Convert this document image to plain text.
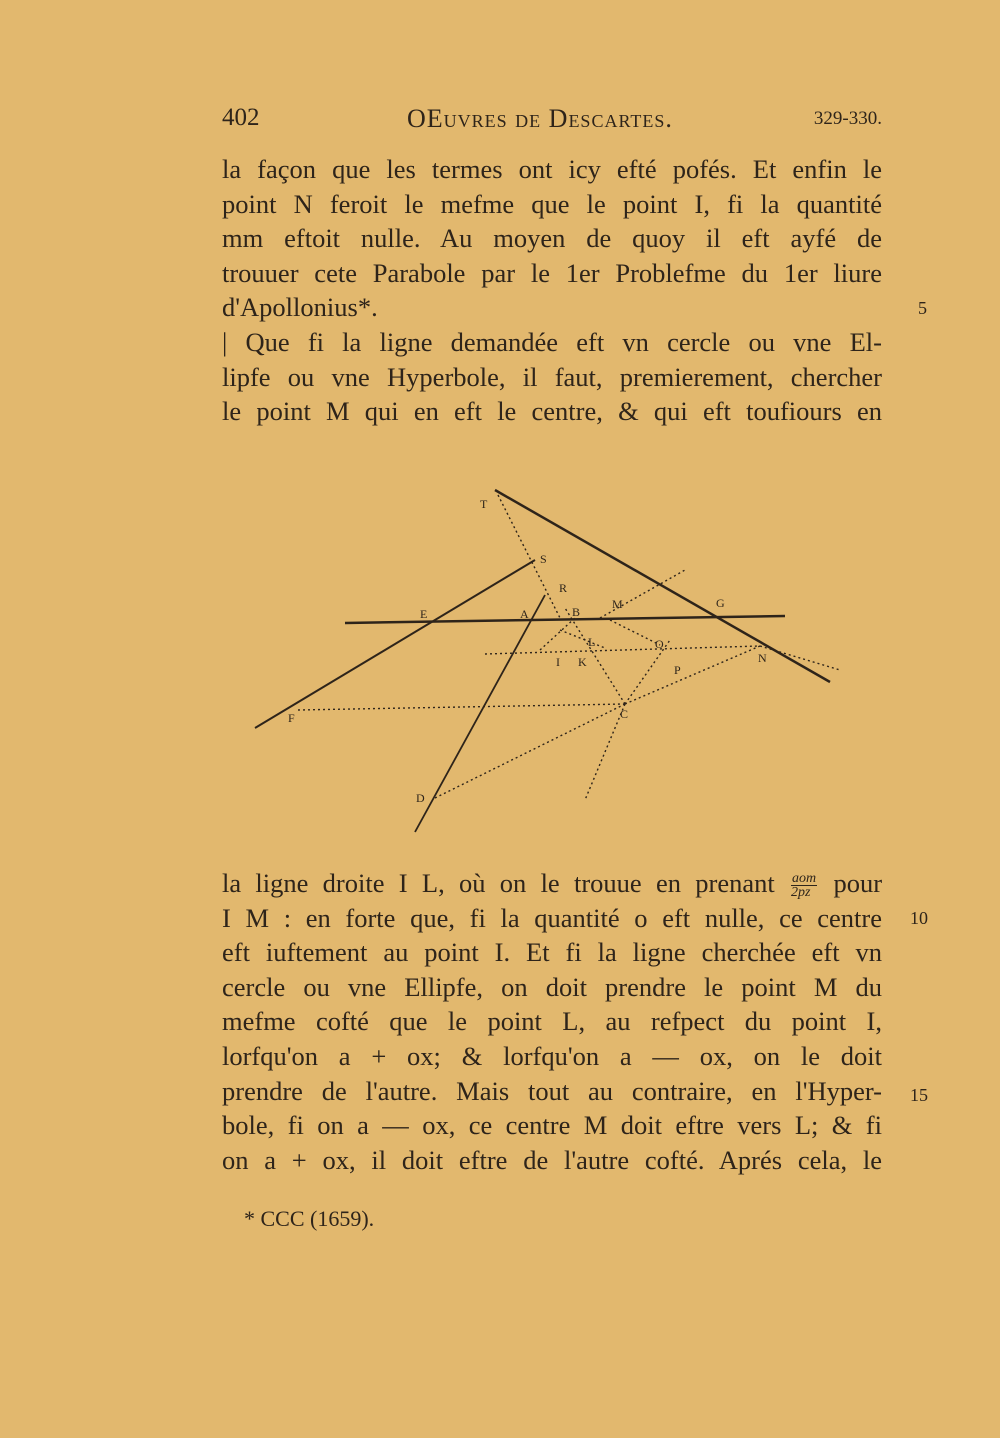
402	OEuvres de Descartes.	329-330.
la façon que les termes ont icy efté pofés. Et enfin le
point N feroit le mefme que le point I, fi la quantité
mm eftoit nulle. Au moyen de quoy il eft ayfé de
trouuer cete Parabole par le 1er Problefme du 1er liure
d'Apollonius*.
| Que fi la ligne demandée eft vn cercle ou vne El-
lipfe ou vne Hyperbole, il faut, premierement, chercher
le point M qui en eft le centre, & qui eft toufiours en
5
T
S
R
E	A	B
M	G
L
I K
O
N
P
F	C
D
la ligne droite I L, où on le trouue en prenant $\frac{\text{aom}}{2pz}$ pour
I M : en forte que, fi la quantité o eft nulle, ce centre
eft iuftement au point I. Et fi la ligne cherchée eft vn
cercle ou vne Ellipfe, on doit prendre le point M du
mefme cofté que le point L, au refpect du point I,
lorfqu'on a + ox; & lorfqu'on a — ox, on le doit
prendre de l'autre. Mais tout au contraire, en l'Hyper-
bole, fi on a — ox, ce centre M doit eftre vers L; & fi
on a + ox, il doit eftre de l'autre cofté. Aprés cela, le
10
15
* CCC (1659).
